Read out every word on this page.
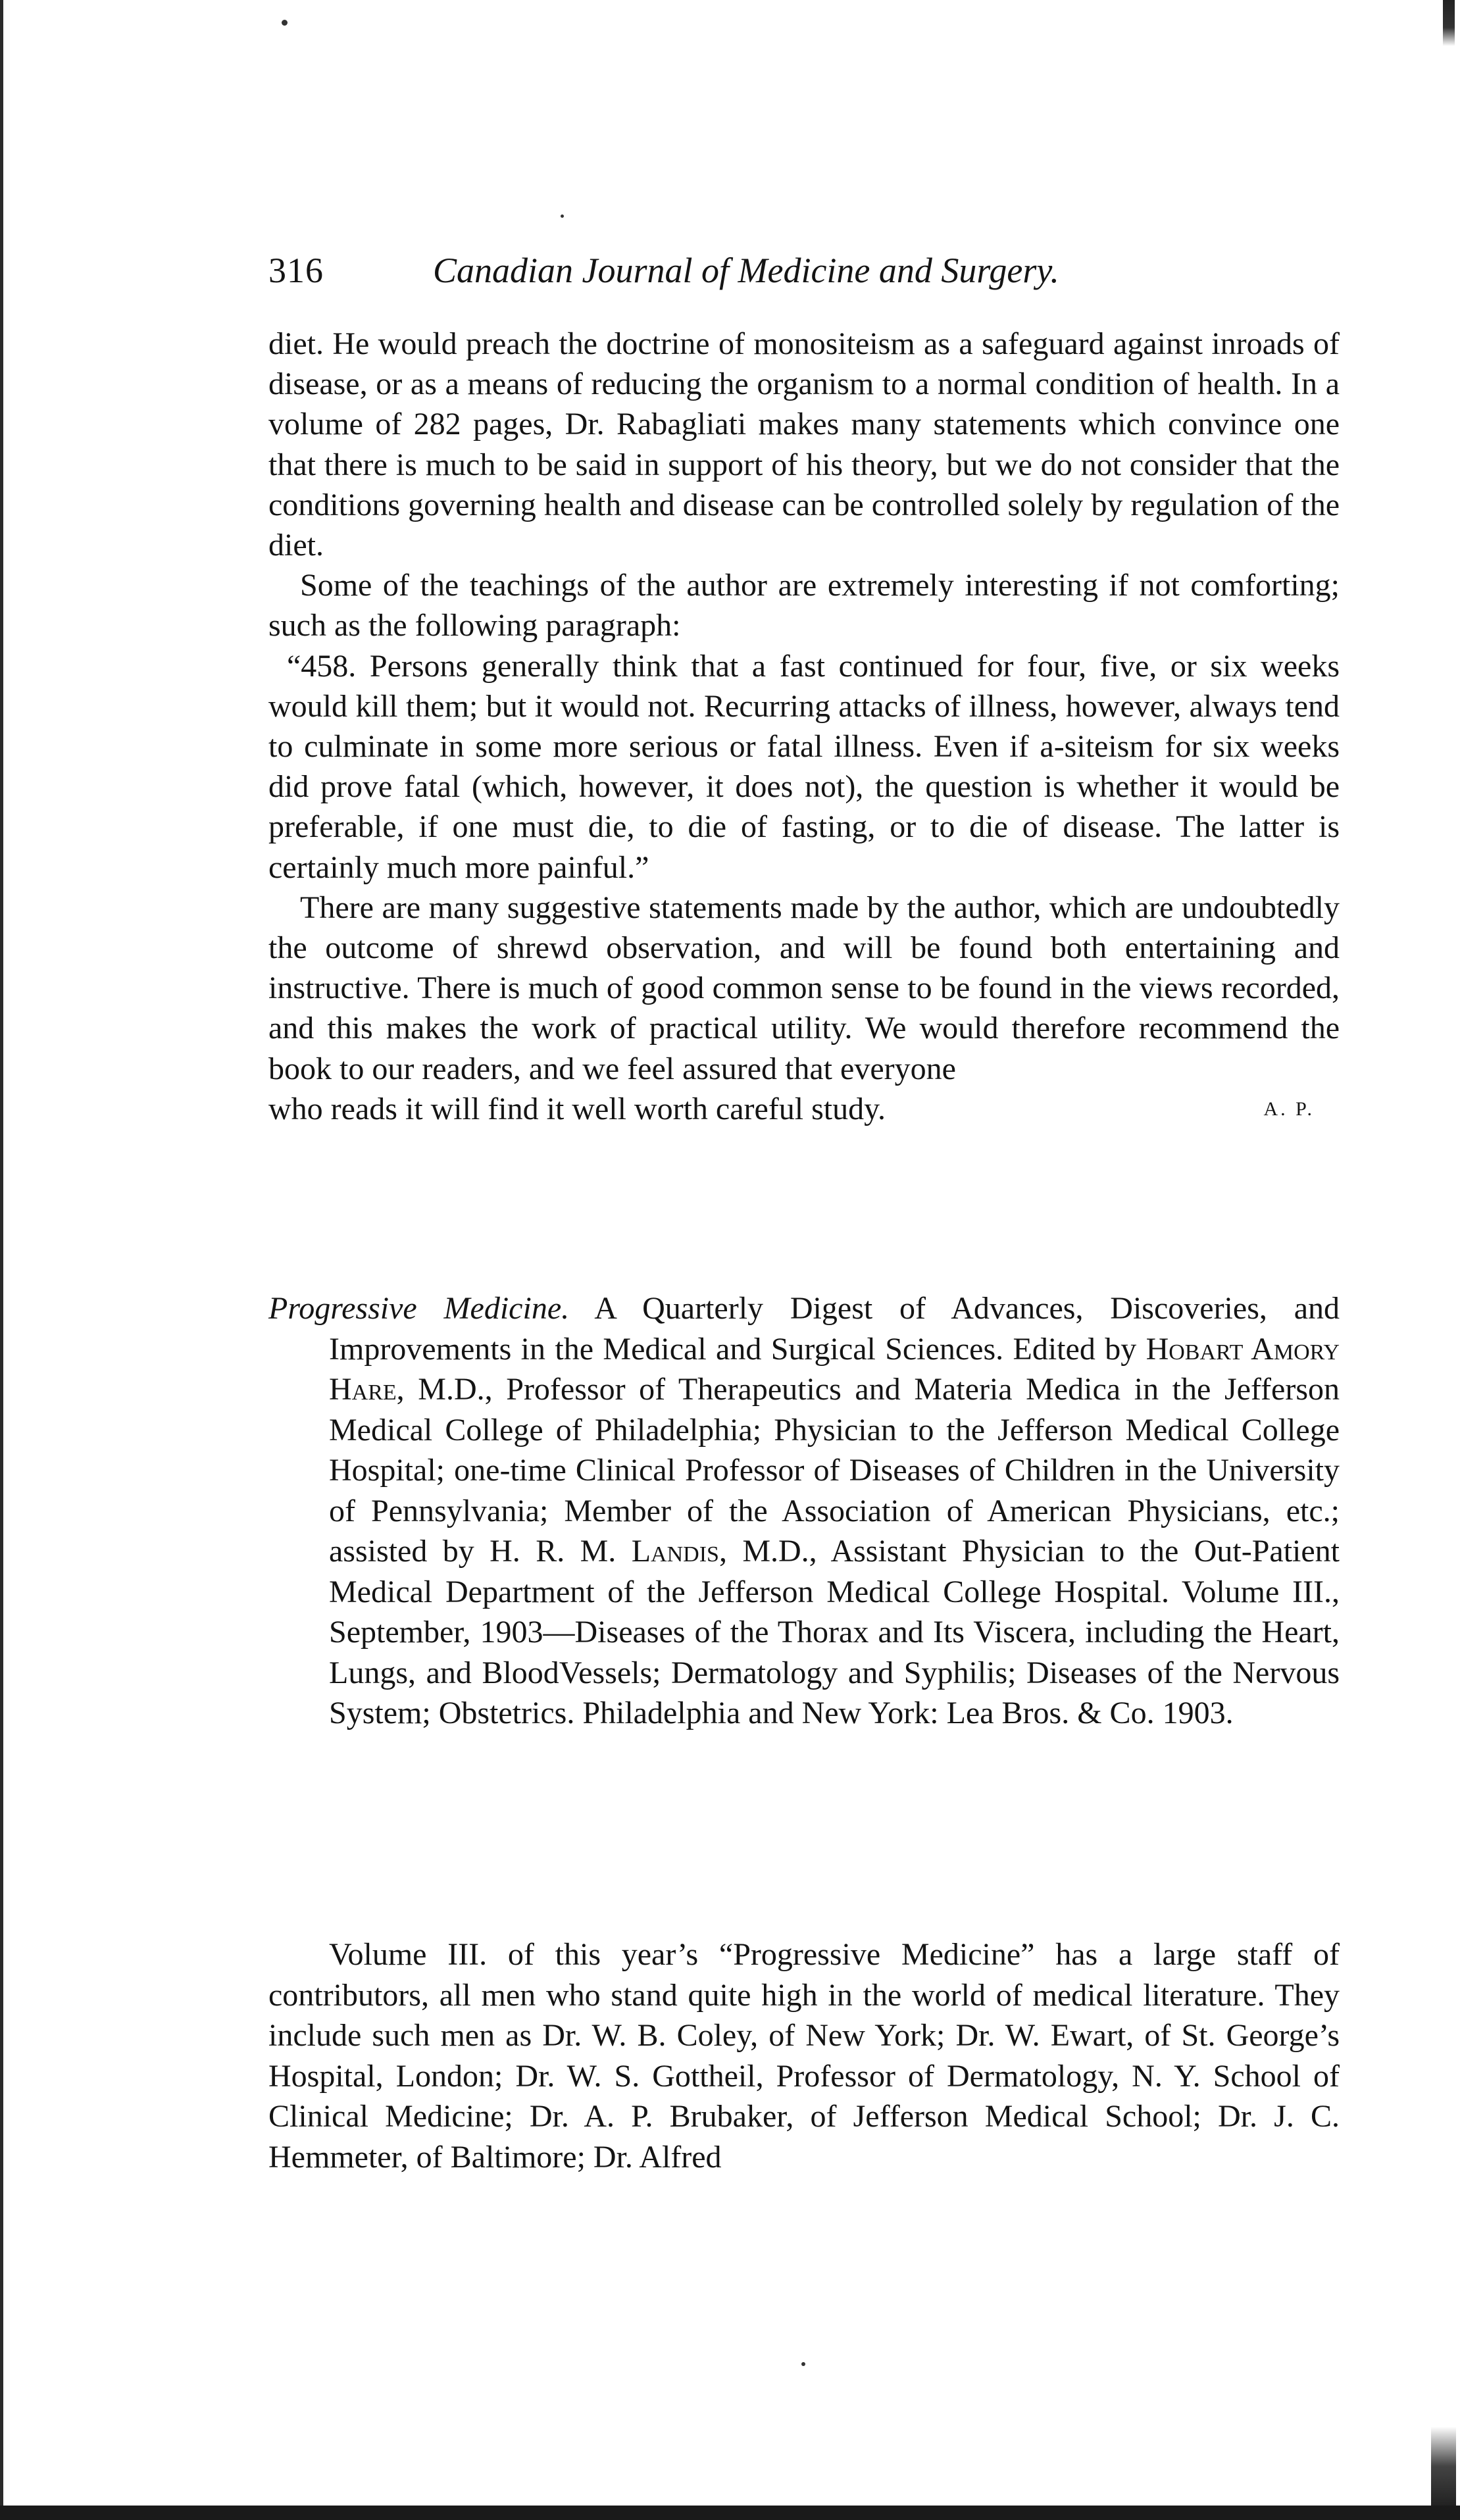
316	Canadian Journal of Medicine and Surgery.

diet. He would preach the doctrine of monositeism as a safeguard against inroads of disease, or as a means of reducing the organism to a normal condition of health. In a volume of 282 pages, Dr. Rabagliati makes many statements which convince one that there is much to be said in support of his theory, but we do not consider that the conditions governing health and disease can be controlled solely by regulation of the diet.

Some of the teachings of the author are extremely interesting if not comforting; such as the following paragraph:

“458. Persons generally think that a fast continued for four, five, or six weeks would kill them; but it would not. Recurring attacks of illness, however, always tend to culminate in some more serious or fatal illness. Even if a-siteism for six weeks did prove fatal (which, however, it does not), the question is whether it would be preferable, if one must die, to die of fasting, or to die of disease. The latter is certainly much more painful.”

There are many suggestive statements made by the author, which are undoubtedly the outcome of shrewd observation, and will be found both entertaining and instructive. There is much of good common sense to be found in the views recorded, and this makes the work of practical utility. We would therefore recommend the book to our readers, and we feel assured that everyone

who reads it will find it well worth careful study.	A. P.

Progressive Medicine. A Quarterly Digest of Advances, Discoveries, and Improvements in the Medical and Surgical Sciences. Edited by Hobart Amory Hare, M.D., Professor of Therapeutics and Materia Medica in the Jefferson Medical College of Philadelphia; Physician to the Jefferson Medical College Hospital; one-time Clinical Professor of Diseases of Children in the University of Pennsylvania; Member of the Association of American Physicians, etc.; assisted by H. R. M. Landis, M.D., Assistant Physician to the Out-Patient Medical Department of the Jefferson Medical College Hospital. Volume III., September, 1903—Diseases of the Thorax and Its Viscera, including the Heart, Lungs, and BloodVessels; Dermatology and Syphilis; Diseases of the Nervous System; Obstetrics. Philadelphia and New York: Lea Bros. & Co. 1903.

Volume III. of this year’s “Progressive Medicine” has a large staff of contributors, all men who stand quite high in the world of medical literature. They include such men as Dr. W. B. Coley, of New York; Dr. W. Ewart, of St. George’s Hospital, London; Dr. W. S. Gottheil, Professor of Dermatology, N. Y. School of Clinical Medicine; Dr. A. P. Brubaker, of Jefferson Medical School; Dr. J. C. Hemmeter, of Baltimore; Dr. Alfred
